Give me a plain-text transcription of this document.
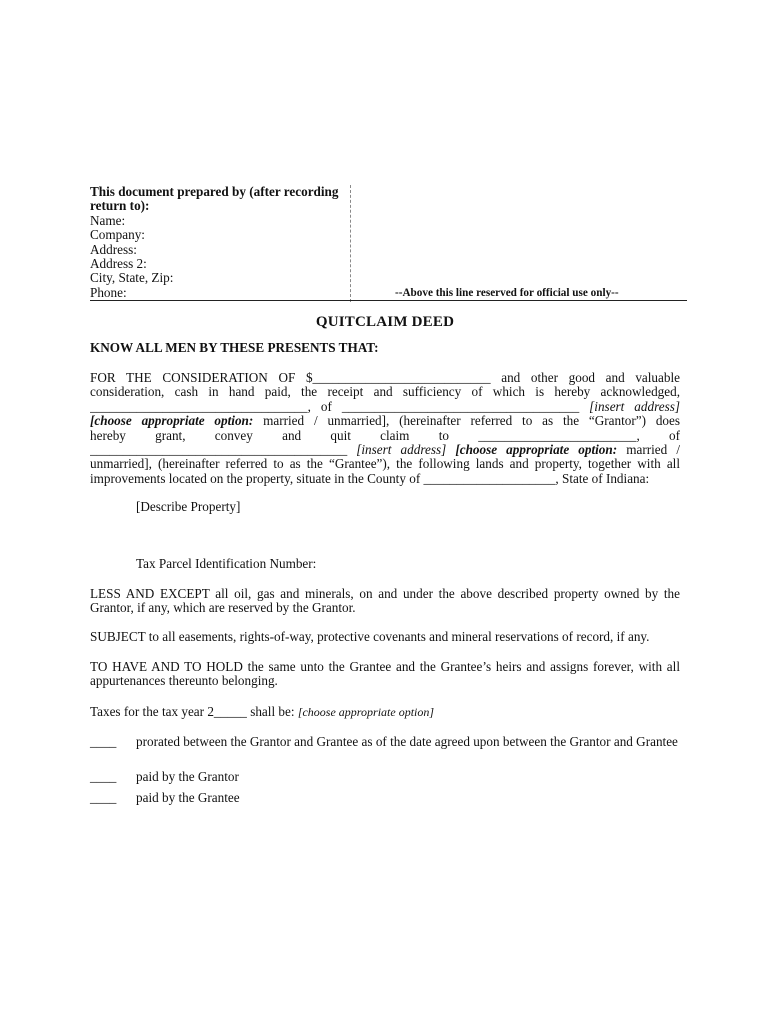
This document prepared by (after recording
return to):
Name:
Company:
Address:
Address 2:
City, State, Zip:
Phone:	--Above this line reserved for official use only--
QUITCLAIM DEED
KNOW ALL MEN BY THESE PRESENTS THAT:
FOR THE CONSIDERATION OF $___________________________ and other good and valuable
consideration, cash in hand paid, the receipt and sufficiency of which is hereby acknowledged,
_________________________________, of ____________________________________ [insert address]
[choose appropriate option: married / unmarried], (hereinafter referred to as the “Grantor”) does
hereby grant, convey and quit claim to ________________________, of
_______________________________________ [insert address] [choose appropriate option: married /
unmarried], (hereinafter referred to as the “Grantee”), the following lands and property, together with all
improvements located on the property, situate in the County of ____________________, State of Indiana:
[Describe Property]
Tax Parcel Identification Number:
LESS AND EXCEPT all oil, gas and minerals, on and under the above described property owned by the Grantor, if any, which are reserved by the Grantor.
SUBJECT to all easements, rights-of-way, protective covenants and mineral reservations of record, if any.
TO HAVE AND TO HOLD the same unto the Grantee and the Grantee’s heirs and assigns forever, with all appurtenances thereunto belonging.
Taxes for the tax year 2_____ shall be: [choose appropriate option]
____ prorated between the Grantor and Grantee as of the date agreed upon between the Grantor and Grantee
____ paid by the Grantor
____ paid by the Grantee
